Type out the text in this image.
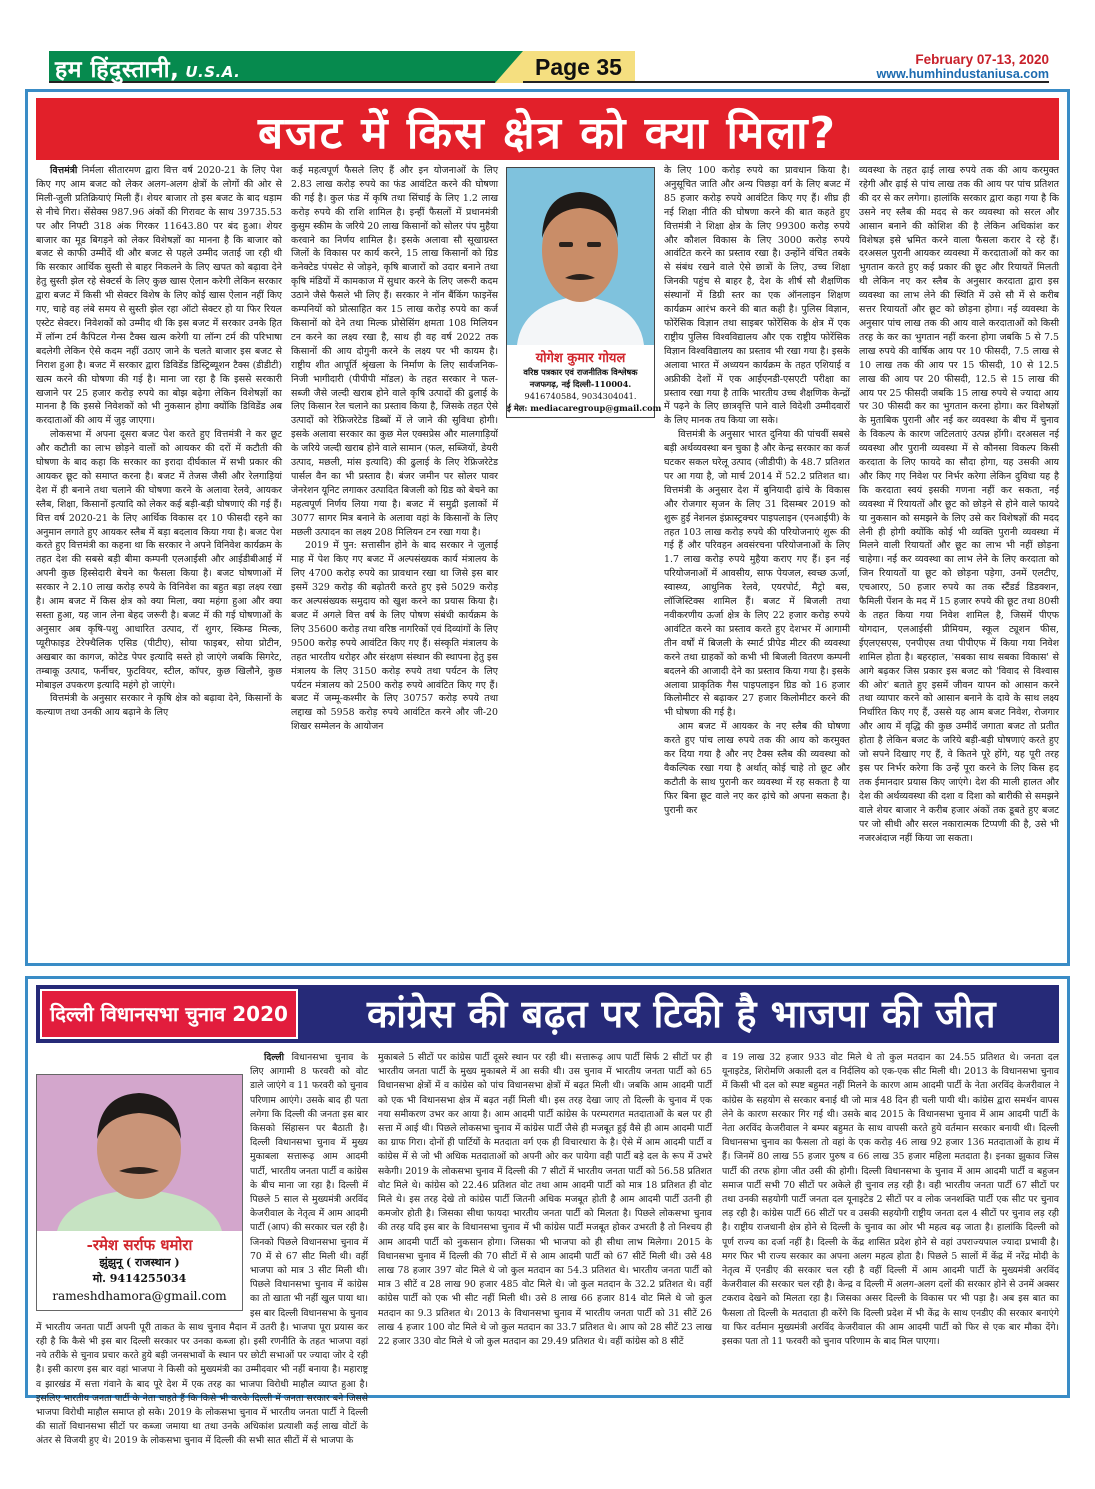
हम हिंदुस्तानी, U.S.A.	Page 35	February 07-13, 2020
www.humhindustaniusa.com
बजट में किस क्षेत्र को क्या मिला?

वित्तमंत्री निर्मला सीतारमण द्वारा वित्त वर्ष 2020-21 के लिए पेश किए गए आम बजट को लेकर अलग-अलग क्षेत्रों के लोगों की ओर से मिली-जुली प्रतिक्रियाएं मिली हैं। शेयर बाजार तो इस बजट के बाद धड़ाम से नीचे गिरा। सेंसेक्स 987.96 अंकों की गिरावट के साथ 39735.53 पर और निफ्टी 318 अंक गिरकर 11643.80 पर बंद हुआ। शेयर बाजार का मूड बिगड़ने को लेकर विशेषज्ञों का मानना है कि बाजार को बजट से काफी उम्मीदें थी और बजट से पहले उम्मीद जताई जा रही थी कि सरकार आर्थिक सुस्ती से बाहर निकलने के लिए खपत को बढ़ावा देने हेतु सुस्ती झेल रहे सेक्टर्स के लिए कुछ खास ऐलान करेगी लेकिन सरकार द्वारा बजट में किसी भी सेक्टर विशेष के लिए कोई खास ऐलान नहीं किए गए, चाहे वह लंबे समय से सुस्ती झेल रहा ऑटो सेक्टर हो या फिर रियल एस्टेट सेक्टर। निवेशकों को उम्मीद थी कि इस बजट में सरकार उनके हित में लॉन्ग टर्म कैपिटल गेन्स टैक्स खत्म करेगी या लॉन्ग टर्म की परिभाषा बदलेगी लेकिन ऐसे कदम नहीं उठाए जाने के चलते बाजार इस बजट से निराश हुआ है। बजट में सरकार द्वारा डिविडेंड डिस्ट्रिब्यूशन टैक्स (डीडीटी) खत्म करने की घोषणा की गई है। माना जा रहा है कि इससे सरकारी खजाने पर 25 हजार करोड़ रुपये का बोझ बढ़ेगा लेकिन विशेषज्ञों का मानना है कि इससे निवेशकों को भी नुकसान होगा क्योंकि डिविडेंड अब करदाताओं की आय में जुड़ जाएगा।

लोकसभा में अपना दूसरा बजट पेश करते हुए वित्तमंत्री ने कर छूट और कटौती का लाभ छोड़ने वालों को आयकर की दरों में कटौती की घोषणा के बाद कहा कि सरकार का इरादा दीर्घकाल में सभी प्रकार की आयकर छूट को समाप्त करना है। बजट में तेजस जैसी और रेलगाड़ियां देश में ही बनाने तथा चलाने की घोषणा करने के अलावा रेलवे, आयकर स्लैब, शिक्षा, किसानों इत्यादि को लेकर कई बड़ी-बड़ी घोषणाएं की गई हैं। वित्त वर्ष 2020-21 के लिए आर्थिक विकास दर 10 फीसदी रहने का अनुमान लगाते हुए आयकर स्लैब में बड़ा बदलाव किया गया है। बजट पेश करते हुए वित्तमंत्री का कहना था कि सरकार ने अपने विनिवेश कार्यक्रम के तहत देश की सबसे बड़ी बीमा कम्पनी एलआईसी और आईडीबीआई में अपनी कुछ हिस्सेदारी बेचने का फैसला किया है। बजट घोषणाओं में सरकार ने 2.10 लाख करोड़ रुपये के विनिवेश का बहुत बड़ा लक्ष्य रखा है। आम बजट में किस क्षेत्र को क्या मिला, क्या महंगा हुआ और क्या सस्ता हुआ, यह जान लेना बेहद जरूरी है। बजट में की गई घोषणाओं के अनुसार अब कृषि-पशु आधारित उत्पाद, रॉ शुगर, स्किम्ड मिल्क, प्यूरीफाइड टेरेफ्थैलिक एसिड (पीटीए), सोया फाइबर, सोया प्रोटीन, अखबार का कागज, कोटेड पेपर इत्यादि सस्ते हो जाएंगे जबकि सिगरेट, तम्बाकू उत्पाद, फर्नीचर, फुटवियर, स्टील, कॉपर, कुछ खिलौने, कुछ मोबाइल उपकरण इत्यादि महंगे हो जाएंगे।

वित्तमंत्री के अनुसार सरकार ने कृषि क्षेत्र को बढ़ावा देने, किसानों के कल्याण तथा उनकी आय बढ़ाने के लिए

कई महत्वपूर्ण फैसले लिए हैं और इन योजनाओं के लिए 2.83 लाख करोड़ रुपये का फंड आवंटित करने की घोषणा की गई है। कुल फंड में कृषि तथा सिंचाई के लिए 1.2 लाख करोड़ रुपये की राशि शामिल है। इन्हीं फैसलों में प्रधानमंत्री कुसुम स्कीम के जरिये 20 लाख किसानों को सोलर पंप मुहैया करवाने का निर्णय शामिल है। इसके अलावा सौ सूखाग्रस्त जिलों के विकास पर कार्य करने, 15 लाख किसानों को ग्रिड कनेक्टेड पंपसेट से जोड़ने, कृषि बाजारों को उदार बनाने तथा कृषि मंडियों में कामकाज में सुधार करने के लिए जरूरी कदम उठाने जैसे फैसले भी लिए हैं। सरकार ने नॉन बैंकिंग फाइनेंस कम्पनियों को प्रोत्साहित कर 15 लाख करोड़ रुपये का कर्ज किसानों को देने तथा मिल्क प्रोसेसिंग क्षमता 108 मिलियन टन करने का लक्ष्य रखा है, साथ ही वह वर्ष 2022 तक किसानों की आय दोगुनी करने के लक्ष्य पर भी कायम है। राष्ट्रीय शीत आपूर्ति श्रृंखला के निर्माण के लिए सार्वजनिक-निजी भागीदारी (पीपीपी मॉडल) के तहत सरकार ने फल-सब्जी जैसे जल्दी खराब होने वाले कृषि उत्पादों की ढुलाई के लिए किसान रेल चलाने का प्रस्ताव किया है, जिसके तहत ऐसे उत्पादों को रेफ्रिजरेटेड डिब्बों में ले जाने की सुविधा होगी। इसके अलावा सरकार का कुछ मेल एक्सप्रेस और मालगाड़ियों के जरिये जल्दी खराब होने वाले सामान (फल, सब्जियों, डेयरी उत्पाद, मछली, मांस इत्यादि) की ढुलाई के लिए रेफ्रिजरेटेड पार्सल वैन का भी प्रस्ताव है। बंजर जमीन पर सोलर पावर जेनरेशन यूनिट लगाकर उत्पादित बिजली को ग्रिड को बेचने का महत्वपूर्ण निर्णय लिया गया है। बजट में समुद्री इलाकों में 3077 सागर मित्र बनाने के अलावा वहां के किसानों के लिए मछली उत्पादन का लक्ष्य 208 मिलियन टन रखा गया है।

2019 में पुन: सत्तासीन होने के बाद सरकार ने जुलाई माह में पेश किए गए बजट में अल्पसंख्यक कार्य मंत्रालय के लिए 4700 करोड़ रुपये का प्रावधान रखा था जिसे इस बार इसमें 329 करोड़ की बढ़ोतरी करते हुए इसे 5029 करोड़ कर अल्पसंख्यक समुदाय को खुश करने का प्रयास किया है। बजट में अगले वित्त वर्ष के लिए पोषण संबंधी कार्यक्रम के लिए 35600 करोड़ तथा वरिष्ठ नागरिकों एवं दिव्यांगों के लिए 9500 करोड़ रुपये आवंटित किए गए हैं। संस्कृति मंत्रालय के तहत भारतीय धरोहर और संरक्षण संस्थान की स्थापना हेतु इस मंत्रालय के लिए 3150 करोड़ रुपये तथा पर्यटन के लिए पर्यटन मंत्रालय को 2500 करोड़ रुपये आवंटित किए गए हैं। बजट में जम्मू-कश्मीर के लिए 30757 करोड़ रुपये तथा लद्दाख को 5958 करोड़ रुपये आवंटित करने और जी-20 शिखर सम्मेलन के आयोजन

के लिए 100 करोड़ रुपये का प्रावधान किया है। अनुसूचित जाति और अन्य पिछड़ा वर्ग के लिए बजट में 85 हजार करोड़ रुपये आवंटित किए गए हैं। शीघ्र ही नई शिक्षा नीति की घोषणा करने की बात कहते हुए वित्तमंत्री ने शिक्षा क्षेत्र के लिए 99300 करोड़ रुपये और कौशल विकास के लिए 3000 करोड़ रुपये आवंटित करने का प्रस्ताव रखा है। उन्होंने वंचित तबके से संबंध रखने वाले ऐसे छात्रों के लिए, उच्च शिक्षा जिनकी पहुंच से बाहर है, देश के शीर्ष सौ शैक्षणिक संस्थानों में डिग्री स्तर का एक ऑनलाइन शिक्षण कार्यक्रम आरंभ करने की बात कही है। पुलिस विज्ञान, फोरेंसिक विज्ञान तथा साइबर फोरेंसिक के क्षेत्र में एक राष्ट्रीय पुलिस विश्वविद्यालय और एक राष्ट्रीय फोरेंसिक विज्ञान विश्वविद्यालय का प्रस्ताव भी रखा गया है। इसके अलावा भारत में अध्ययन कार्यक्रम के तहत एशियाई व अफ्रीकी देशों में एक आईएनडी-एसएटी परीक्षा का प्रस्ताव रखा गया है ताकि भारतीय उच्च शैक्षणिक केन्द्रों में पढ़ने के लिए छात्रवृत्ति पाने वाले विदेशी उम्मीदवारों के लिए मानक तय किया जा सके।

वित्तमंत्री के अनुसार भारत दुनिया की पांचवीं सबसे बड़ी अर्थव्यवस्था बन चुका है और केन्द्र सरकार का कर्ज घटकर सकल घरेलू उत्पाद (जीडीपी) के 48.7 प्रतिशत पर आ गया है, जो मार्च 2014 में 52.2 प्रतिशत था। वित्तमंत्री के अनुसार देश में बुनियादी ढ़ांचे के विकास और रोजगार सृजन के लिए 31 दिसम्बर 2019 को शुरू हुई नेशनल इंफ्रास्ट्रक्चर पाइपलाइन (एनआईपी) के तहत 103 लाख करोड़ रुपये की परियोजनाएं शुरू की गई हैं और परिवहन अवसंरचना परियोजनाओं के लिए 1.7 लाख करोड़ रुपये मुहैया कराए गए हैं। इन नई परियोजनाओं में आवसीय, साफ पेयजल, स्वच्छ ऊर्जा, स्वास्थ्य, आधुनिक रेलवे, एयरपोर्ट, मैट्रो बस, लॉजिस्टिक्स शामिल हैं। बजट में बिजली तथा नवीकरणीय ऊर्जा क्षेत्र के लिए 22 हजार करोड़ रुपये आवंटित करने का प्रस्ताव करते हुए देशभर में आगामी तीन वर्षों में बिजली के स्मार्ट प्रीपेड मीटर की व्यवस्था करने तथा ग्राहकों को कभी भी बिजली वितरण कम्पनी बदलने की आजादी देने का प्रस्ताव किया गया है। इसके अलावा प्राकृतिक गैस पाइपलाइन ग्रिड को 16 हजार किलोमीटर से बढ़ाकर 27 हजार किलोमीटर करने की भी घोषणा की गई है।

आम बजट में आयकर के नए स्लैब की घोषणा करते हुए पांच लाख रुपये तक की आय को करमुक्त कर दिया गया है और नए टैक्स स्लैब की व्यवस्था को वैकल्पिक रखा गया है अर्थात् कोई चाहे तो छूट और कटौती के साथ पुरानी कर व्यवस्था में रह सकता है या फिर बिना छूट वाले नए कर ढ़ांचे को अपना सकता है। पुरानी कर

व्यवस्था के तहत ढ़ाई लाख रुपये तक की आय करमुक्त रहेगी और ढ़ाई से पांच लाख तक की आय पर पांच प्रतिशत की दर से कर लगेगा। हालांकि सरकार द्वारा कहा गया है कि उसने नए स्लैब की मदद से कर व्यवस्था को सरल और आसान बनाने की कोशिश की है लेकिन अधिकांश कर विशेषज्ञ इसे भ्रमित करने वाला फैसला करार दे रहे हैं। दरअसल पुरानी आयकर व्यवस्था में करदाताओं को कर का भुगतान करते हुए कई प्रकार की छूट और रियायतें मिलती थी लेकिन नए कर स्लैब के अनुसार करदाता द्वारा इस व्यवस्था का लाभ लेने की स्थिति में उसे सौ में से करीब सत्तर रियायतों और छूट को छोड़ना होगा। नई व्यवस्था के अनुसार पांच लाख तक की आय वाले करदाताओं को किसी तरह के कर का भुगतान नहीं करना होगा जबकि 5 से 7.5 लाख रुपये की वार्षिक आय पर 10 फीसदी, 7.5 लाख से 10 लाख तक की आय पर 15 फीसदी, 10 से 12.5 लाख की आय पर 20 फीसदी, 12.5 से 15 लाख की आय पर 25 फीसदी जबकि 15 लाख रुपये से ज्यादा आय पर 30 फीसदी कर का भुगतान करना होगा। कर विशेषज्ञों के मुताबिक पुरानी और नई कर व्यवस्था के बीच में चुनाव के विकल्प के कारण जटिलताएं उत्पन्न होंगी। दरअसल नई व्यवस्था और पुरानी व्यवस्था में से कौनसा विकल्प किसी करदाता के लिए फायदे का सौदा होगा, यह उसकी आय और किए गए निवेश पर निर्भर करेगा लेकिन दुविधा यह है कि करदाता स्वयं इसकी गणना नहीं कर सकता, नई व्यवस्था में रियायतों और छूट को छोड़ने से होने वाले फायदे या नुकसान को समझने के लिए उसे कर विशेषज्ञों की मदद लेनी ही होगी क्योंकि कोई भी व्यक्ति पुरानी व्यवस्था में मिलने वाली रियायतों और छूट का लाभ भी नहीं छोड़ना चाहेगा। नई कर व्यवस्था का लाभ लेने के लिए करदाता को जिन रियायतों या छूट को छोड़ना पड़ेगा, उनमें एलटीए, एचआरए, 50 हजार रुपये का तक स्टैंडर्ड डिडक्शन, फैमिली पेंशन के मद में 15 हजार रुपये की छूट तथा 80सी के तहत किया गया निवेश शामिल है, जिसमें पीएफ योगदान, एलआईसी प्रीमियम, स्कूल ट्यूशन फीस, ईएलएसएस, एनपीएस तथा पीपीएफ में किया गया निवेश शामिल होता है। बहरहाल, 'सबका साथ सबका विकास' से आगे बढ़कर जिस प्रकार इस बजट को 'विवाद से विश्वास की ओर' बताते हुए इसमें जीवन यापन को आसान करने तथा व्यापार करने को आसान बनाने के दावे के साथ लक्ष्य निर्धारित किए गए हैं, उससे यह आम बजट निवेश, रोजगार और आय में वृद्धि की कुछ उम्मीदें जगाता बजट तो प्रतीत होता है लेकिन बजट के जरिये बड़ी-बड़ी घोषणाएं करते हुए जो सपने दिखाए गए हैं, वे कितने पूरे होंगे, यह पूरी तरह इस पर निर्भर करेगा कि उन्हें पूरा करने के लिए किस हद तक ईमानदार प्रयास किए जाएंगे। देश की माली हालत और देश की अर्थव्यवस्था की दशा व दिशा को बारीकी से समझने वाले शेयर बाजार ने करीब हजार अंकों तक डूबते हुए बजट पर जो सीधी और सरल नकारात्मक टिप्पणी की है, उसे भी नजरअंदाज नहीं किया जा सकता।

योगेश कुमार गोयल
वरिष्ठ पत्रकार एवं राजनीतिक विश्लेषक
नजफगढ़, नई दिल्ली-110004.
9416740584, 9034304041.
ई मेल: mediacaregroup@gmail.com
दिल्ली विधानसभा चुनाव 2020	कांग्रेस की बढ़त पर टिकी है भाजपा की जीत

दिल्ली विधानसभा चुनाव के लिए आगामी 8 फरवरी को वोट डाले जाएंगे व 11 फरवरी को चुनाव परिणाम आएंगे। उसके बाद ही पता लगेगा कि दिल्ली की जनता इस बार किसको सिंहासन पर बैठाती है। दिल्ली विधानसभा चुनाव में मुख्य मुकाबला सत्तारूढ़ आम आदमी पार्टी, भारतीय जनता पार्टी व कांग्रेस के बीच माना जा रहा है। दिल्ली में पिछले 5 साल से मुख्यमंत्री अरविंद केजरीवाल के नेतृत्व में आम आदमी पार्टी (आप) की सरकार चल रही है। जिनको पिछले विधानसभा चुनाव में 70 में से 67 सीट मिली थी। वहीं भाजपा को मात्र 3 सीट मिली थी। पिछले विधानसभा चुनाव में कांग्रेस का तो खाता भी नहीं खुल पाया था। इस बार दिल्ली विधानसभा के चुनाव में भारतीय जनता पार्टी अपनी पूरी ताकत के साथ चुनाव मैदान में उतरी है। भाजपा पूरा प्रयास कर रही है कि कैसे भी इस बार दिल्ली सरकार पर उनका कब्जा हो। इसी रणनीति के तहत भाजपा वहां नये तरीके से चुनाव प्रचार करते हुये बड़ी जनसभावों के स्थान पर छोटी सभाओं पर ज्यादा जोर दे रही है। इसी कारण इस बार वहां भाजपा ने किसी को मुख्यमंत्री का उम्मीदवार भी नहीं बनाया है। महाराष्ट्र व झारखंड में सत्ता गंवाने के बाद पूरे देश में एक तरह का भाजपा विरोधी माहौल व्याप्त हुआ है। इसलिए भारतीय जनता पार्टी के नेता चाहते हैं कि किसे भी करके दिल्ली में जनता सरकार बने जिससे भाजपा विरोधी माहौल समाप्त हो सके। 2019 के लोकसभा चुनाव में भारतीय जनता पार्टी ने दिल्ली की सातों विधानसभा सीटों पर कब्जा जमाया था तथा उनके अधिकांश प्रत्याशी कई लाख वोटों के अंतर से विजयी हुए थे। 2019 के लोकसभा चुनाव में दिल्ली की सभी सात सीटों में से भाजपा के

मुकाबले 5 सीटों पर कांग्रेस पार्टी दूसरे स्थान पर रही थी। सत्तारूढ़ आप पार्टी सिर्फ 2 सीटों पर ही भारतीय जनता पार्टी के मुख्य मुकाबले में आ सकी थी। उस चुनाव में भारतीय जनता पार्टी को 65 विधानसभा क्षेत्रों में व कांग्रेस को पांच विधानसभा क्षेत्रों में बढ़त मिली थी। जबकि आम आदमी पार्टी को एक भी विधानसभा क्षेत्र में बढ़त नहीं मिली थी। इस तरह देखा जाए तो दिल्ली के चुनाव में एक नया समीकरण उभर कर आया है। आम आदमी पार्टी कांग्रेस के परम्परागत मतदाताओं के बल पर ही सत्ता में आई थी। पिछले लोकसभा चुनाव में कांग्रेस पार्टी जैसे ही मजबूत हुई वैसे ही आम आदमी पार्टी का ग्राफ गिरा। दोनों ही पार्टियों के मतदाता वर्ग एक ही विचारधारा के है। ऐसे में आम आदमी पार्टी व कांग्रेस में से जो भी अधिक मतदाताओं को अपनी ओर कर पायेगा वही पार्टी बड़े दल के रूप में उभरे सकेगी। 2019 के लोकसभा चुनाव में दिल्ली की 7 सीटों में भारतीय जनता पार्टी को 56.58 प्रतिशत वोट मिले थे। कांग्रेस को 22.46 प्रतिशत वोट तथा आम आदमी पार्टी को मात्र 18 प्रतिशत ही वोट मिले थे। इस तरह देखे तो कांग्रेस पार्टी जितनी अधिक मजबूत होती है आम आदमी पार्टी उतनी ही कमजोर होती है। जिसका सीधा फायदा भारतीय जनता पार्टी को मिलता है। पिछले लोकसभा चुनाव की तरह यदि इस बार के विधानसभा चुनाव में भी कांग्रेस पार्टी मजबूत होकर उभरती है तो निश्चय ही आम आदमी पार्टी को नुकसान होगा। जिसका भी भाजपा को ही सीधा लाभ मिलेगा। 2015 के विधानसभा चुनाव में दिल्ली की 70 सीटों में से आम आदमी पार्टी को 67 सीटें मिली थी। उसे 48 लाख 78 हजार 397 वोट मिले थे जो कुल मतदान का 54.3 प्रतिशत थे। भारतीय जनता पार्टी को मात्र 3 सीटें व 28 लाख 90 हजार 485 वोट मिले थे। जो कुल मतदान के 32.2 प्रतिशत थे। वहीं कांग्रेस पार्टी को एक भी सीट नहीं मिली थी। उसे 8 लाख 66 हजार 814 वोट मिले थे जो कुल मतदान का 9.3 प्रतिशत थे। 2013 के विधानसभा चुनाव में भारतीय जनता पार्टी को 31 सीटें 26 लाख 4 हजार 100 वोट मिले थे जो कुल मतदान का 33.7 प्रतिशत थे। आप को 28 सीटें 23 लाख 22 हजार 330 वोट मिले थे जो कुल मतदान का 29.49 प्रतिशत थे। वहीं कांग्रेस को 8 सीटें

व 19 लाख 32 हजार 933 वोट मिले थे तो कुल मतदान का 24.55 प्रतिशत थे। जनता दल यूनाइटेड, शिरोमणि अकाली दल व निर्दलिय को एक-एक सीट मिली थी। 2013 के विधानसभा चुनाव में किसी भी दल को स्पष्ट बहुमत नहीं मिलने के कारण आम आदमी पार्टी के नेता अरविंद केजरीवाल ने कांग्रेस के सहयोग से सरकार बनाई थी जो मात्र 48 दिन ही चली पायी थी। कांग्रेस द्वारा समर्थन वापस लेने के कारण सरकार गिर गई थी। उसके बाद 2015 के विधानसभा चुनाव में आम आदमी पार्टी के नेता अरविंद केजरीवाल ने बम्पर बहुमत के साथ वापसी करते हुये वर्तमान सरकार बनायी थी। दिल्ली विधानसभा चुनाव का फैसला तो वहां के एक करोड़ 46 लाख 92 हजार 136 मतदाताओं के हाथ में हैं। जिनमें 80 लाख 55 हजार पुरुष व 66 लाख 35 हजार महिला मतदाता है। इनका झुकाव जिस पार्टी की तरफ होगा जीत उसी की होगी। दिल्ली विधानसभा के चुनाव में आम आदमी पार्टी व बहुजन समाज पार्टी सभी 70 सीटों पर अकेले ही चुनाव लड़ रही है। वही भारतीय जनता पार्टी 67 सीटों पर तथा उनकी सहयोगी पार्टी जनता दल यूनाइटेड 2 सीटों पर व लोक जनशक्ति पार्टी एक सीट पर चुनाव लड़ रही है। कांग्रेस पार्टी 66 सीटों पर व उसकी सहयोगी राष्ट्रीय जनता दल 4 सीटों पर चुनाव लड़ रही है। राष्ट्रीय राजधानी क्षेत्र होने से दिल्ली के चुनाव का ओर भी महत्व बढ़ जाता है। हालांकि दिल्ली को पूर्ण राज्य का दर्जा नहीं है। दिल्ली के केंद्र शासित प्रदेश होने से वहां उपराज्यपाल ज्यादा प्रभावी है। मगर फिर भी राज्य सरकार का अपना अलग महत्व होता है। पिछले 5 सालों में केंद्र में नरेंद्र मोदी के नेतृत्व में एनडीए की सरकार चल रही है वहीं दिल्ली में आम आदमी पार्टी के मुख्यमंत्री अरविंद केजरीवाल की सरकार चल रही है। केन्द्र व दिल्ली में अलग-अलग दलों की सरकार होने से उनमें अक्सर टकराव देखने को मिलता रहा है। जिसका असर दिल्ली के विकास पर भी पड़ा है। अब इस बात का फैसला तो दिल्ली के मतदाता ही करेंगे कि दिल्ली प्रदेश में भी केंद्र के साथ एनडीए की सरकार बनाएंगे या फिर वर्तमान मुख्यमंत्री अरविंद केजरीवाल की आम आदमी पार्टी को फिर से एक बार मौका देंगे। इसका पता तो 11 फरवरी को चुनाव परिणाम के बाद मिल पाएगा।

-रमेश सर्राफ धमोरा
झुंझुनू ( राजस्थान )
मो. 9414255034
rameshdhamora@gmail.com
